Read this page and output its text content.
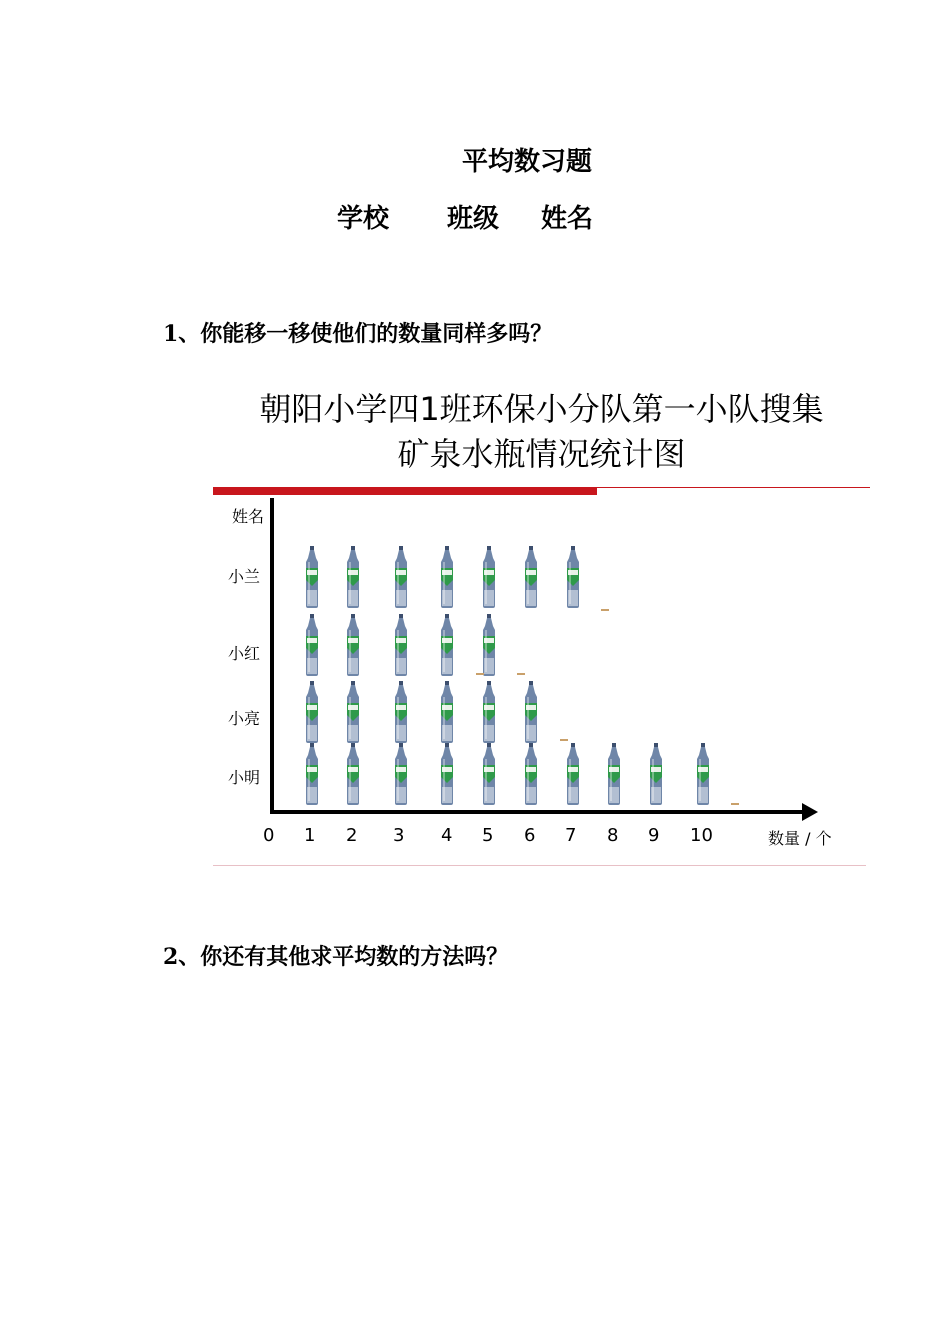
平均数习题
学校 班级 姓名
1、你能移一移使他们的数量同样多吗？
朝阳小学四1班环保小分队第一小队搜集
矿泉水瓶情况统计图
姓名
小兰
小红
小亮
小明
0 1 2 3 4 5 6 7 8 9 10	数量 / 个
2、你还有其他求平均数的方法吗？
